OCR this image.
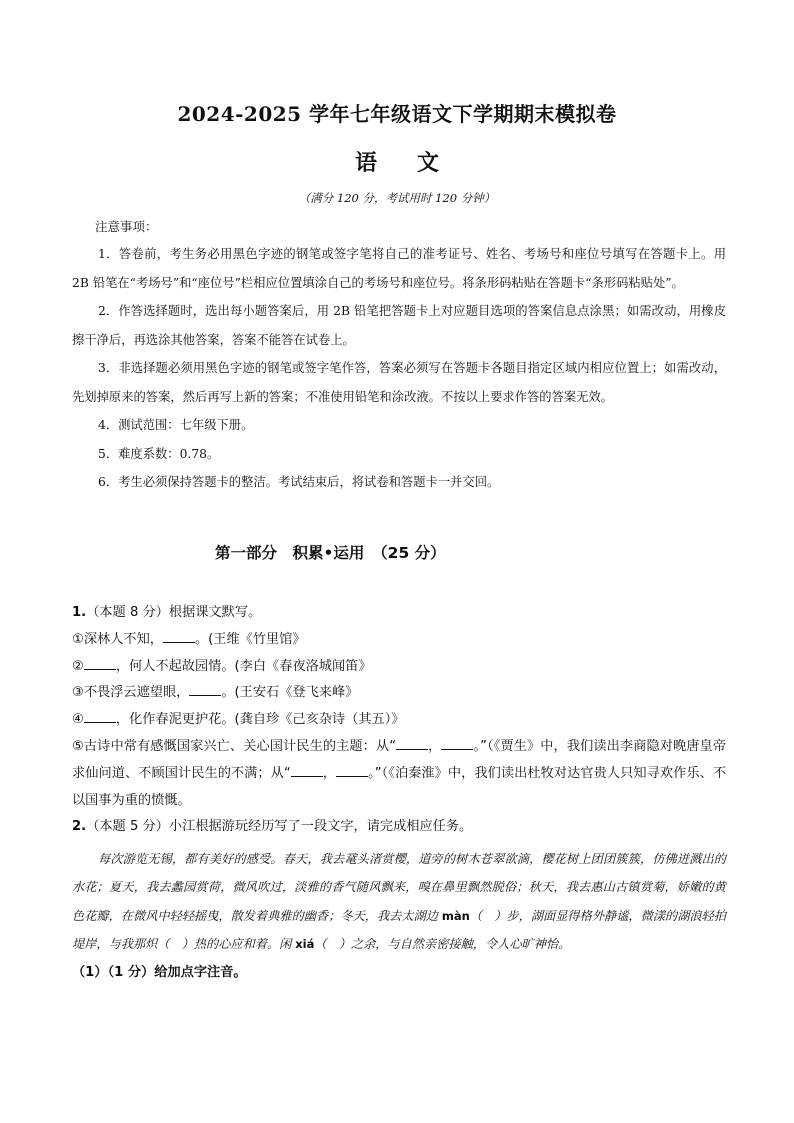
2024-2025 学年七年级语文下学期期末模拟卷
语 文
（满分 120 分，考试用时 120 分钟）
注意事项：

1．答卷前，考生务必用黑色字迹的钢笔或签字笔将自己的准考证号、姓名、考场号和座位号填写在答题卡上。用 2B 铅笔在“考场号”和“座位号”栏相应位置填涂自己的考场号和座位号。将条形码粘贴在答题卡“条形码粘贴处”。

2．作答选择题时，选出每小题答案后，用 2B 铅笔把答题卡上对应题目选项的答案信息点涂黑；如需改动，用橡皮擦干净后，再选涂其他答案，答案不能答在试卷上。

3．非选择题必须用黑色字迹的钢笔或签字笔作答，答案必须写在答题卡各题目指定区域内相应位置上；如需改动，先划掉原来的答案，然后再写上新的答案；不准使用铅笔和涂改液。不按以上要求作答的答案无效。

4．测试范围：七年级下册。

5．难度系数：0.78。

6．考生必须保持答题卡的整洁。考试结束后，将试卷和答题卡一并交回。

第一部分　积累•运用　（25 分）

1.（本题 8 分）根据课文默写。

①深林人不知， 。(王维《竹里馆》

② ，何人不起故园情。(李白《春夜洛城闻笛》

③不畏浮云遮望眼， 。(王安石《登飞来峰》

④ ，化作春泥更护花。(龚自珍《己亥杂诗（其五）》

⑤古诗中常有感慨国家兴亡、关心国计民生的主题：从“ ， 。”（《贾生》中，我们读出李商隐对晚唐皇帝求仙问道、不顾国计民生的不满；从“ ， 。”（《泊秦淮》中，我们读出杜牧对达官贵人只知寻欢作乐、不以国事为重的愤慨。

2.（本题 5 分）小江根据游玩经历写了一段文字，请完成相应任务。

每次游览无锡，都有美好的感受。春天，我去鼋头渚赏樱，道旁的树木苍翠欲滴，樱花树上团团簇簇，仿佛迸溅出的水花；夏天，我去蠡园赏荷，微风吹过，淡雅的香气随风飘来，嗅在鼻里飘然脱俗；秋天，我去惠山古镇赏菊，娇嫩的黄色花瓣，在微风中轻轻摇曳，散发着典雅的幽香；冬天，我去太湖边 màn（　）步，湖面显得格外静谧，微漾的湖浪轻拍堤岸，与我那炽（　）热的心应和着。闲 xiá（　）之余，与自然亲密接触，令人心旷神怡。

（1）（1 分）给加点字注音。
